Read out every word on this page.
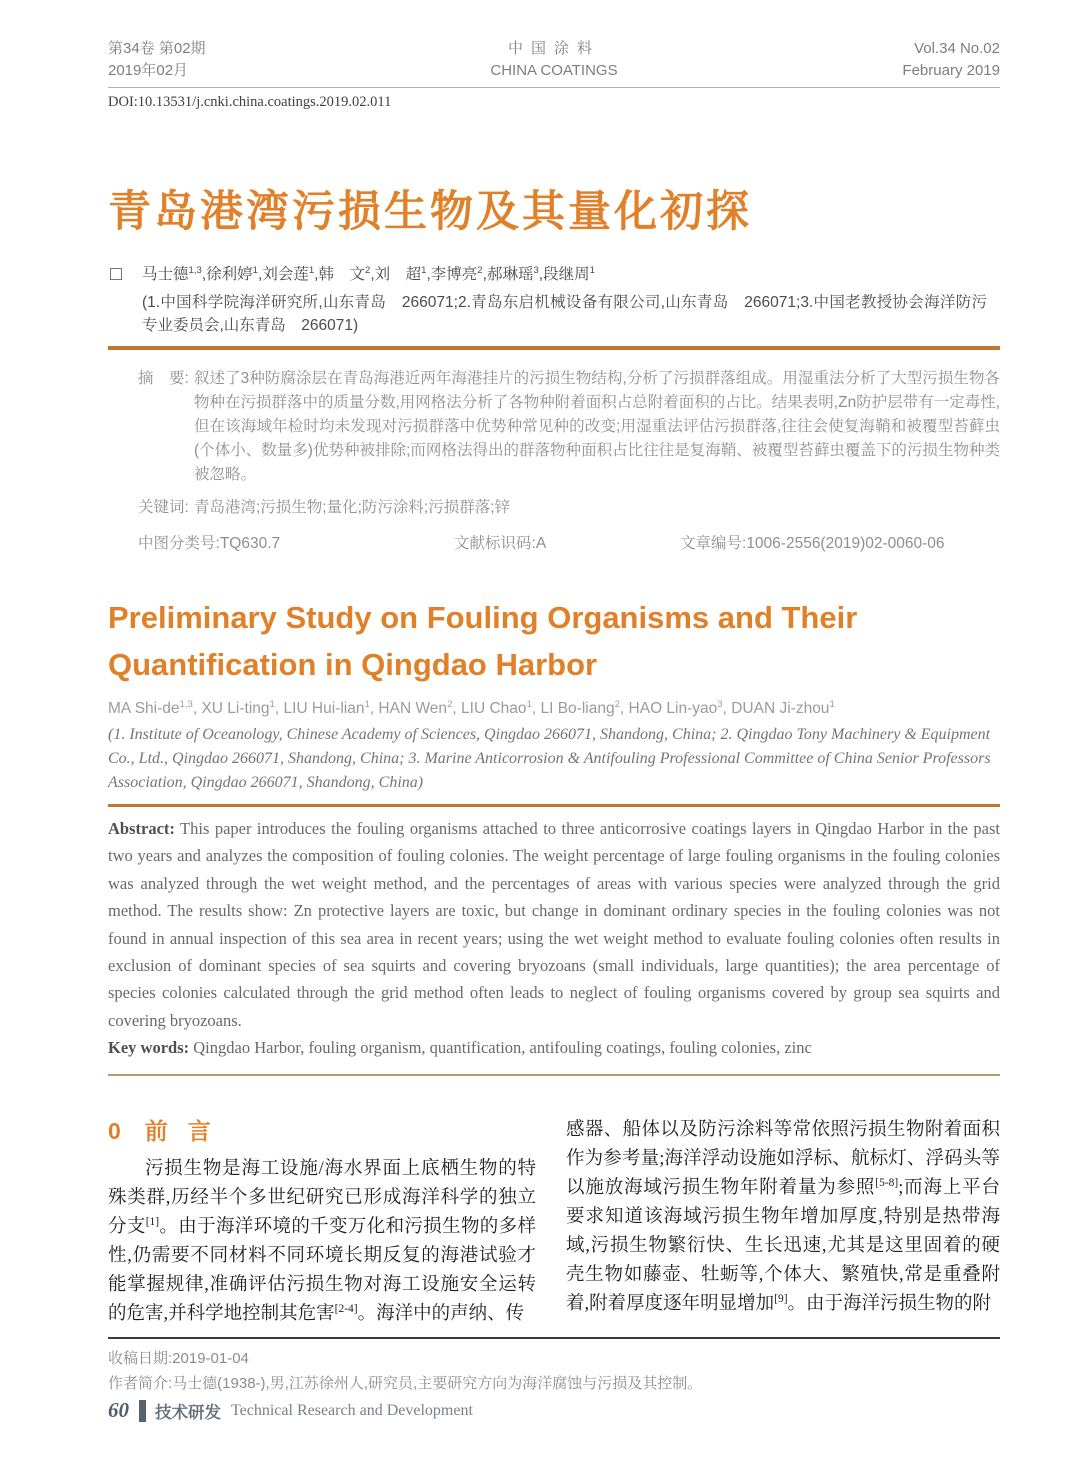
第34卷 第02期
2019年02月
中国涂料
CHINA COATINGS
Vol.34 No.02
February 2019
DOI:10.13531/j.cnki.china.coatings.2019.02.011
青岛港湾污损生物及其量化初探
马士德$^{1,3}$,徐利婷$^1$,刘会莲$^1$,韩　文$^2$,刘　超$^1$,李博亮$^2$,郝琳瑶$^3$,段继周$^1$
(1.中国科学院海洋研究所,山东青岛　266071;2.青岛东启机械设备有限公司,山东青岛　266071;3.中国老教授协会海洋防污专业委员会,山东青岛　266071)
摘　要: 叙述了3种防腐涂层在青岛海港近两年海港挂片的污损生物结构,分析了污损群落组成。用湿重法分析了大型污损生物各物种在污损群落中的质量分数,用网格法分析了各物种附着面积占总附着面积的占比。结果表明,Zn防护层带有一定毒性,但在该海域年检时均未发现对污损群落中优势种常见种的改变;用湿重法评估污损群落,往往会使复海鞘和被覆型苔藓虫(个体小、数量多)优势种被排除;而网格法得出的群落物种面积占比往往是复海鞘、被覆型苔藓虫覆盖下的污损生物种类被忽略。
关键词: 青岛港湾;污损生物;量化;防污涂料;污损群落;锌
中图分类号:TQ630.7	文献标识码:A	文章编号:1006-2556(2019)02-0060-06
Preliminary Study on Fouling Organisms and Their
Quantification in Qingdao Harbor
MA Shi-de$^{1,3}$, XU Li-ting$^1$, LIU Hui-lian$^1$, HAN Wen$^2$, LIU Chao$^1$, LI Bo-liang$^2$, HAO Lin-yao$^3$, DUAN Ji-zhou$^1$
(1. Institute of Oceanology, Chinese Academy of Sciences, Qingdao 266071, Shandong, China; 2. Qingdao Tony Machinery & Equipment Co., Ltd., Qingdao 266071, Shandong, China; 3. Marine Anticorrosion & Antifouling Professional Committee of China Senior Professors Association, Qingdao 266071, Shandong, China)
Abstract: This paper introduces the fouling organisms attached to three anticorrosive coatings layers in Qingdao Harbor in the past two years and analyzes the composition of fouling colonies. The weight percentage of large fouling organisms in the fouling colonies was analyzed through the wet weight method, and the percentages of areas with various species were analyzed through the grid method. The results show: Zn protective layers are toxic, but change in dominant ordinary species in the fouling colonies was not found in annual inspection of this sea area in recent years; using the wet weight method to evaluate fouling colonies often results in exclusion of dominant species of sea squirts and covering bryozoans (small individuals, large quantities); the area percentage of species colonies calculated through the grid method often leads to neglect of fouling organisms covered by group sea squirts and covering bryozoans.
Key words: Qingdao Harbor, fouling organism, quantification, antifouling coatings, fouling colonies, zinc
0 前言

污损生物是海工设施/海水界面上底栖生物的特殊类群,历经半个多世纪研究已形成海洋科学的独立分支[1]。由于海洋环境的千变万化和污损生物的多样性,仍需要不同材料不同环境长期反复的海港试验才能掌握规律,准确评估污损生物对海工设施安全运转的危害,并科学地控制其危害[2-4]。海洋中的声纳、传

感器、船体以及防污涂料等常依照污损生物附着面积作为参考量;海洋浮动设施如浮标、航标灯、浮码头等以施放海域污损生物年附着量为参照[5-8];而海上平台要求知道该海域污损生物年增加厚度,特别是热带海域,污损生物繁衍快、生长迅速,尤其是这里固着的硬壳生物如藤壶、牡蛎等,个体大、繁殖快,常是重叠附着,附着厚度逐年明显增加[9]。由于海洋污损生物的附

收稿日期:2019-01-04
作者简介:马士德(1938-),男,江苏徐州人,研究员,主要研究方向为海洋腐蚀与污损及其控制。
60 技术研发 Technical Research and Development
